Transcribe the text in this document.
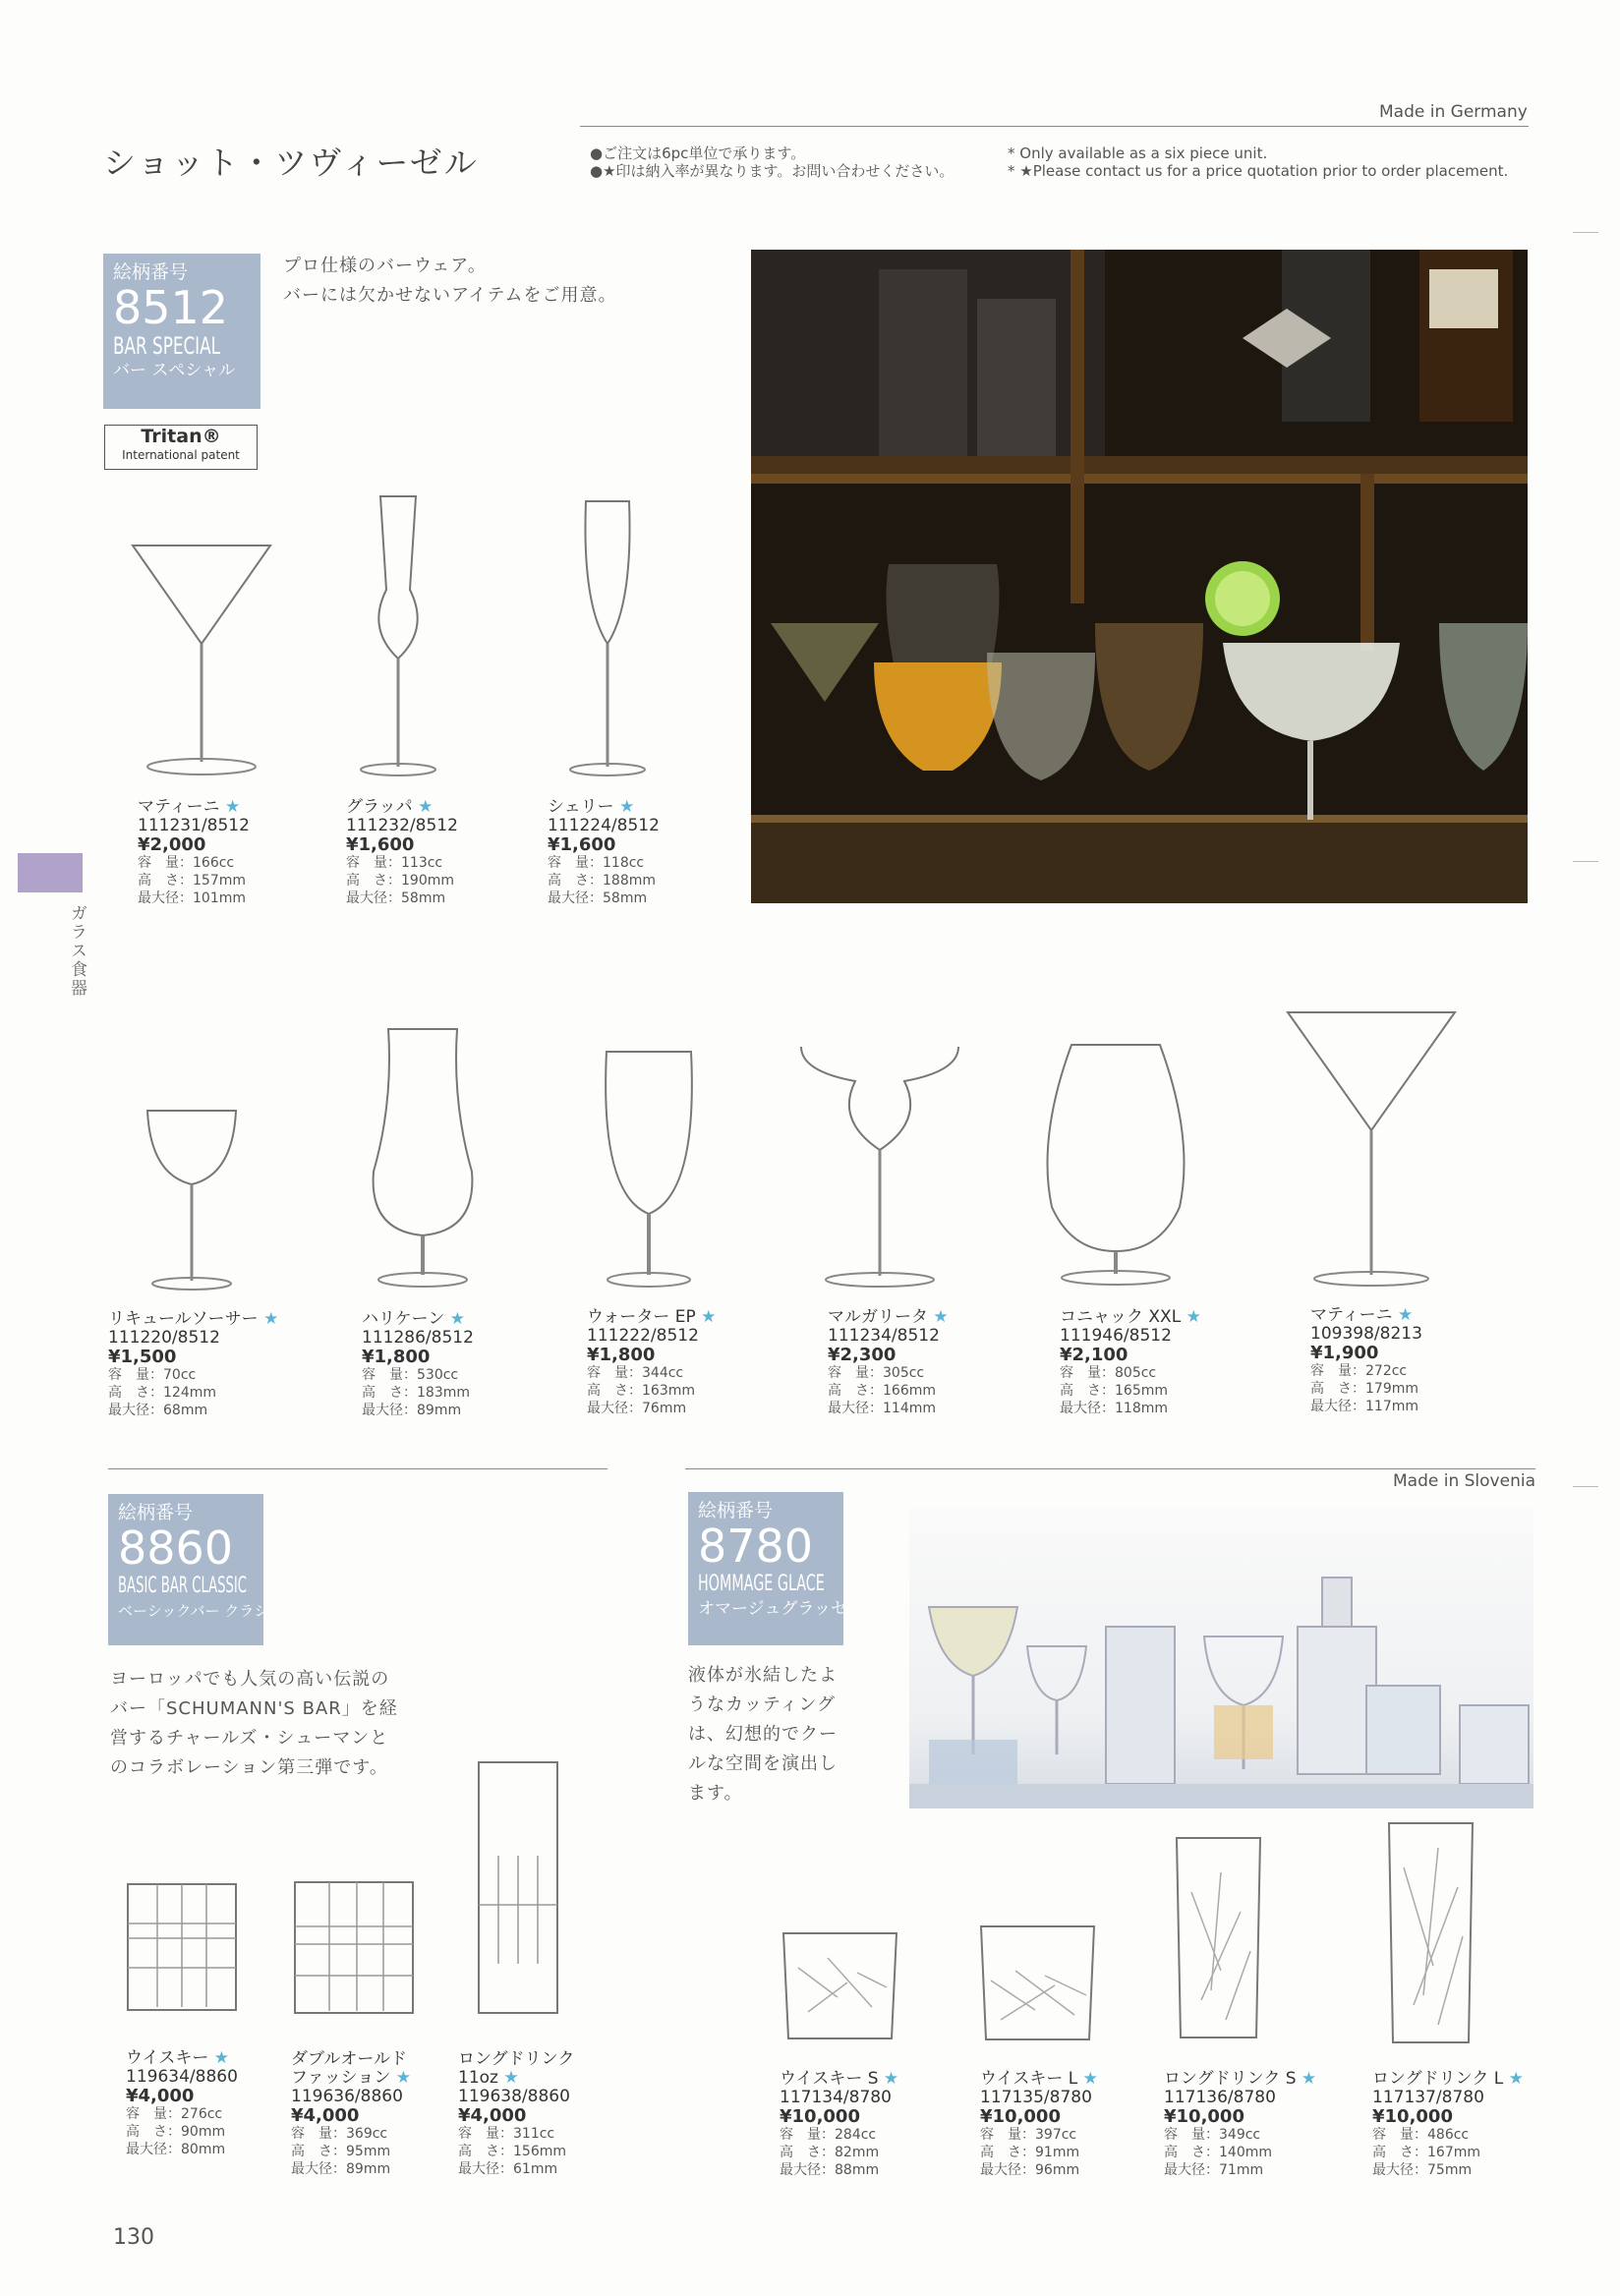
Made in Germany
ショット・ツヴィーゼル	●ご注文は6pc単位で承ります。
●★印は納入率が異なります。お問い合わせください。
* Only available as a six piece unit.
* ★Please contact us for a price quotation prior to order placement.
ガラス食器
絵柄番号
8512
BAR SPECIAL
バー スペシャル
Tritan®
International patent
プロ仕様のバーウェア。
バーには欠かせないアイテムをご用意。
マティーニ ★
111231/8512
¥2,000
容　量：166cc
高　さ：157mm
最大径：101mm
グラッパ ★
111232/8512
¥1,600
容　量：113cc
高　さ：190mm
最大径：58mm
シェリー ★
111224/8512
¥1,600
容　量：118cc
高　さ：188mm
最大径：58mm
リキュールソーサー ★
111220/8512
¥1,500
容　量：70cc
高　さ：124mm
最大径：68mm
ハリケーン ★
111286/8512
¥1,800
容　量：530cc
高　さ：183mm
最大径：89mm
ウォーター EP ★
111222/8512
¥1,800
容　量：344cc
高　さ：163mm
最大径：76mm
マルガリータ ★
111234/8512
¥2,300
容　量：305cc
高　さ：166mm
最大径：114mm
コニャック XXL ★
111946/8512
¥2,100
容　量：805cc
高　さ：165mm
最大径：118mm
マティーニ ★
109398/8213
¥1,900
容　量：272cc
高　さ：179mm
最大径：117mm
Made in Slovenia
絵柄番号
8860
BASIC BAR CLASSIC
ベーシックバー クラシック
ヨーロッパでも人気の高い伝説の
バー「SCHUMANN'S BAR」を経
営するチャールズ・シューマンと
のコラボレーション第三弾です。
絵柄番号
8780
HOMMAGE GLACE
オマージュグラッセ
液体が氷結したよ
うなカッティング
は、幻想的でクー
ルな空間を演出し
ます。
ウイスキー ★
119634/8860
¥4,000
容　量：276cc
高　さ：90mm
最大径：80mm
ダブルオールド
ファッション ★
119636/8860
¥4,000
容　量：369cc
高　さ：95mm
最大径：89mm
ロングドリンク
11oz ★
119638/8860
¥4,000
容　量：311cc
高　さ：156mm
最大径：61mm
ウイスキー S ★
117134/8780
¥10,000
容　量：284cc
高　さ：82mm
最大径：88mm
ウイスキー L ★
117135/8780
¥10,000
容　量：397cc
高　さ：91mm
最大径：96mm
ロングドリンク S ★
117136/8780
¥10,000
容　量：349cc
高　さ：140mm
最大径：71mm
ロングドリンク L ★
117137/8780
¥10,000
容　量：486cc
高　さ：167mm
最大径：75mm
130
